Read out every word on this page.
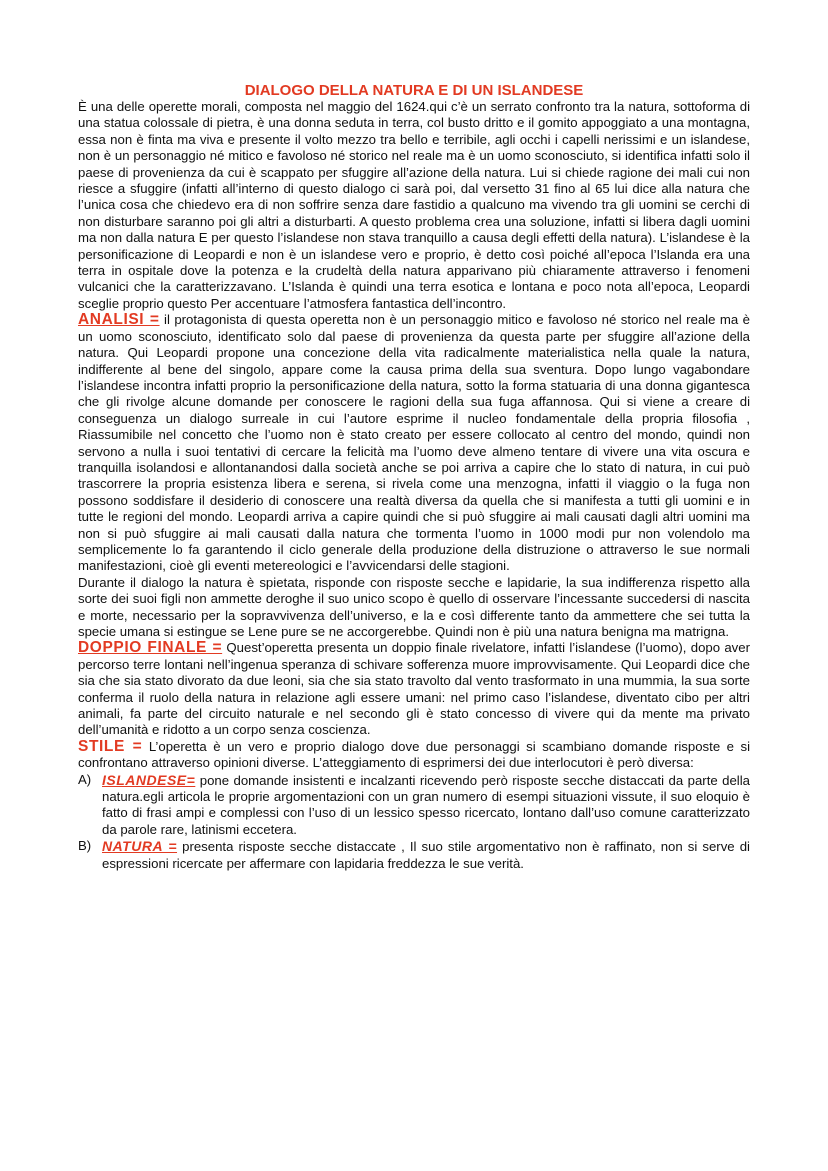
DIALOGO DELLA NATURA E DI UN ISLANDESE

È una delle operette morali, composta nel maggio del 1624.qui c’è un serrato confronto tra la natura, sottoforma di una statua colossale di pietra, è una donna seduta in terra, col busto dritto e il gomito appoggiato a una montagna, essa non è finta ma viva e presente il volto mezzo tra bello e terribile, agli occhi i capelli nerissimi e un islandese, non è un personaggio né mitico e favoloso né storico nel reale ma è un uomo sconosciuto, si identifica infatti solo il paese di provenienza da cui è scappato per sfuggire all’azione della natura. Lui si chiede ragione dei mali cui non riesce a sfuggire (infatti all’interno di questo dialogo ci sarà poi, dal versetto 31 fino al 65 lui dice alla natura che l’unica cosa che chiedevo era di non soffrire senza dare fastidio a qualcuno ma vivendo tra gli uomini se cerchi di non disturbare saranno poi gli altri a disturbarti. A questo problema crea una soluzione, infatti si libera dagli uomini ma non dalla natura E per questo l’islandese non stava tranquillo a causa degli effetti della natura). L’islandese è la personificazione di Leopardi e non è un islandese vero e proprio, è detto così poiché all’epoca l’Islanda era una terra in ospitale dove la potenza e la crudeltà della natura apparivano più chiaramente attraverso i fenomeni vulcanici che la caratterizzavano. L’Islanda è quindi una terra esotica e lontana e poco nota all’epoca, Leopardi sceglie proprio questo Per accentuare l’atmosfera fantastica dell’incontro.

ANALISI = il protagonista di questa operetta non è un personaggio mitico e favoloso né storico nel reale ma è un uomo sconosciuto, identificato solo dal paese di provenienza da questa parte per sfuggire all’azione della natura. Qui Leopardi propone una concezione della vita radicalmente materialistica nella quale la natura, indifferente al bene del singolo, appare come la causa prima della sua sventura. Dopo lungo vagabondare l’islandese incontra infatti proprio la personificazione della natura, sotto la forma statuaria di una donna gigantesca che gli rivolge alcune domande per conoscere le ragioni della sua fuga affannosa. Qui si viene a creare di conseguenza un dialogo surreale in cui l’autore esprime il nucleo fondamentale della propria filosofia , Riassumibile nel concetto che l’uomo non è stato creato per essere collocato al centro del mondo, quindi non servono a nulla i suoi tentativi di cercare la felicità ma l’uomo deve almeno tentare di vivere una vita oscura e tranquilla isolandosi e allontanandosi dalla società anche se poi arriva a capire che lo stato di natura, in cui può trascorrere la propria esistenza libera e serena, si rivela come una menzogna, infatti il viaggio o la fuga non possono soddisfare il desiderio di conoscere una realtà diversa da quella che si manifesta a tutti gli uomini e in tutte le regioni del mondo. Leopardi arriva a capire quindi che si può sfuggire ai mali causati dagli altri uomini ma non si può sfuggire ai mali causati dalla natura che tormenta l’uomo in 1000 modi pur non volendolo ma semplicemente lo fa garantendo il ciclo generale della produzione della distruzione o attraverso le sue normali manifestazioni, cioè gli eventi metereologici e l’avvicendarsi delle stagioni.

Durante il dialogo la natura è spietata, risponde con risposte secche e lapidarie, la sua indifferenza rispetto alla sorte dei suoi figli non ammette deroghe il suo unico scopo è quello di osservare l’incessante succedersi di nascita e morte, necessario per la sopravvivenza dell’universo, e la e così differente tanto da ammettere che sei tutta la specie umana si estingue se Lene pure se ne accorgerebbe. Quindi non è più una natura benigna ma matrigna.

DOPPIO FINALE = Quest’operetta presenta un doppio finale rivelatore, infatti l’islandese (l’uomo), dopo aver percorso terre lontani nell’ingenua speranza di schivare sofferenza muore improvvisamente. Qui Leopardi dice che sia che sia stato divorato da due leoni, sia che sia stato travolto dal vento trasformato in una mummia, la sua sorte conferma il ruolo della natura in relazione agli essere umani: nel primo caso l’islandese, diventato cibo per altri animali, fa parte del circuito naturale e nel secondo gli è stato concesso di vivere qui da mente ma privato dell’umanità e ridotto a un corpo senza coscienza.

STILE = L’operetta è un vero e proprio dialogo dove due personaggi si scambiano domande risposte e si confrontano attraverso opinioni diverse. L’atteggiamento di esprimersi dei due interlocutori è però diversa:

A) ISLANDESE= pone domande insistenti e incalzanti ricevendo però risposte secche distaccati da parte della natura.egli articola le proprie argomentazioni con un gran numero di esempi situazioni vissute, il suo eloquio è fatto di frasi ampi e complessi con l’uso di un lessico spesso ricercato, lontano dall’uso comune caratterizzato da parole rare, latinismi eccetera.
B) NATURA = presenta risposte secche distaccate , Il suo stile argomentativo non è raffinato, non si serve di espressioni ricercate per affermare con lapidaria freddezza le sue verità.
